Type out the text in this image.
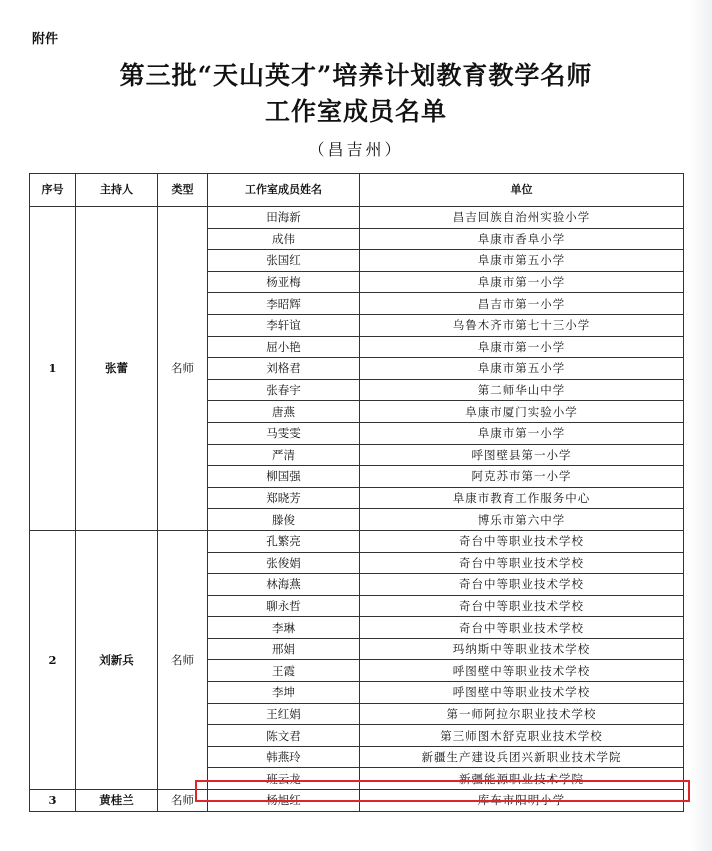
附件
第三批“天山英才”培养计划教育教学名师
工作室成员名单
（昌吉州）
序号	主持人	类型	工作室成员姓名	单位
1	张蕾	名师	田海新	昌吉回族自治州实验小学
			成伟	阜康市香阜小学
			张国红	阜康市第五小学
			杨亚梅	阜康市第一小学
			李昭辉	昌吉市第一小学
			李轩谊	乌鲁木齐市第七十三小学
			屈小艳	阜康市第一小学
			刘格君	阜康市第五小学
			张春宇	第二师华山中学
			唐燕	阜康市厦门实验小学
			马雯雯	阜康市第一小学
			严清	呼图壁县第一小学
			柳国强	阿克苏市第一小学
			郑晓芳	阜康市教育工作服务中心
			滕俊	博乐市第六中学
2	刘新兵	名师	孔繁亮	奇台中等职业技术学校
			张俊娟	奇台中等职业技术学校
			林海燕	奇台中等职业技术学校
			聊永哲	奇台中等职业技术学校
			李琳	奇台中等职业技术学校
			邢娟	玛纳斯中等职业技术学校
			王霞	呼图壁中等职业技术学校
			李坤	呼图壁中等职业技术学校
			王红娟	第一师阿拉尔职业技术学校
			陈文君	第三师图木舒克职业技术学校
			韩燕玲	新疆生产建设兵团兴新职业技术学院
			班云龙	新疆能源职业技术学院
3	黄桂兰	名师	杨旭红	库车市阳明小学
